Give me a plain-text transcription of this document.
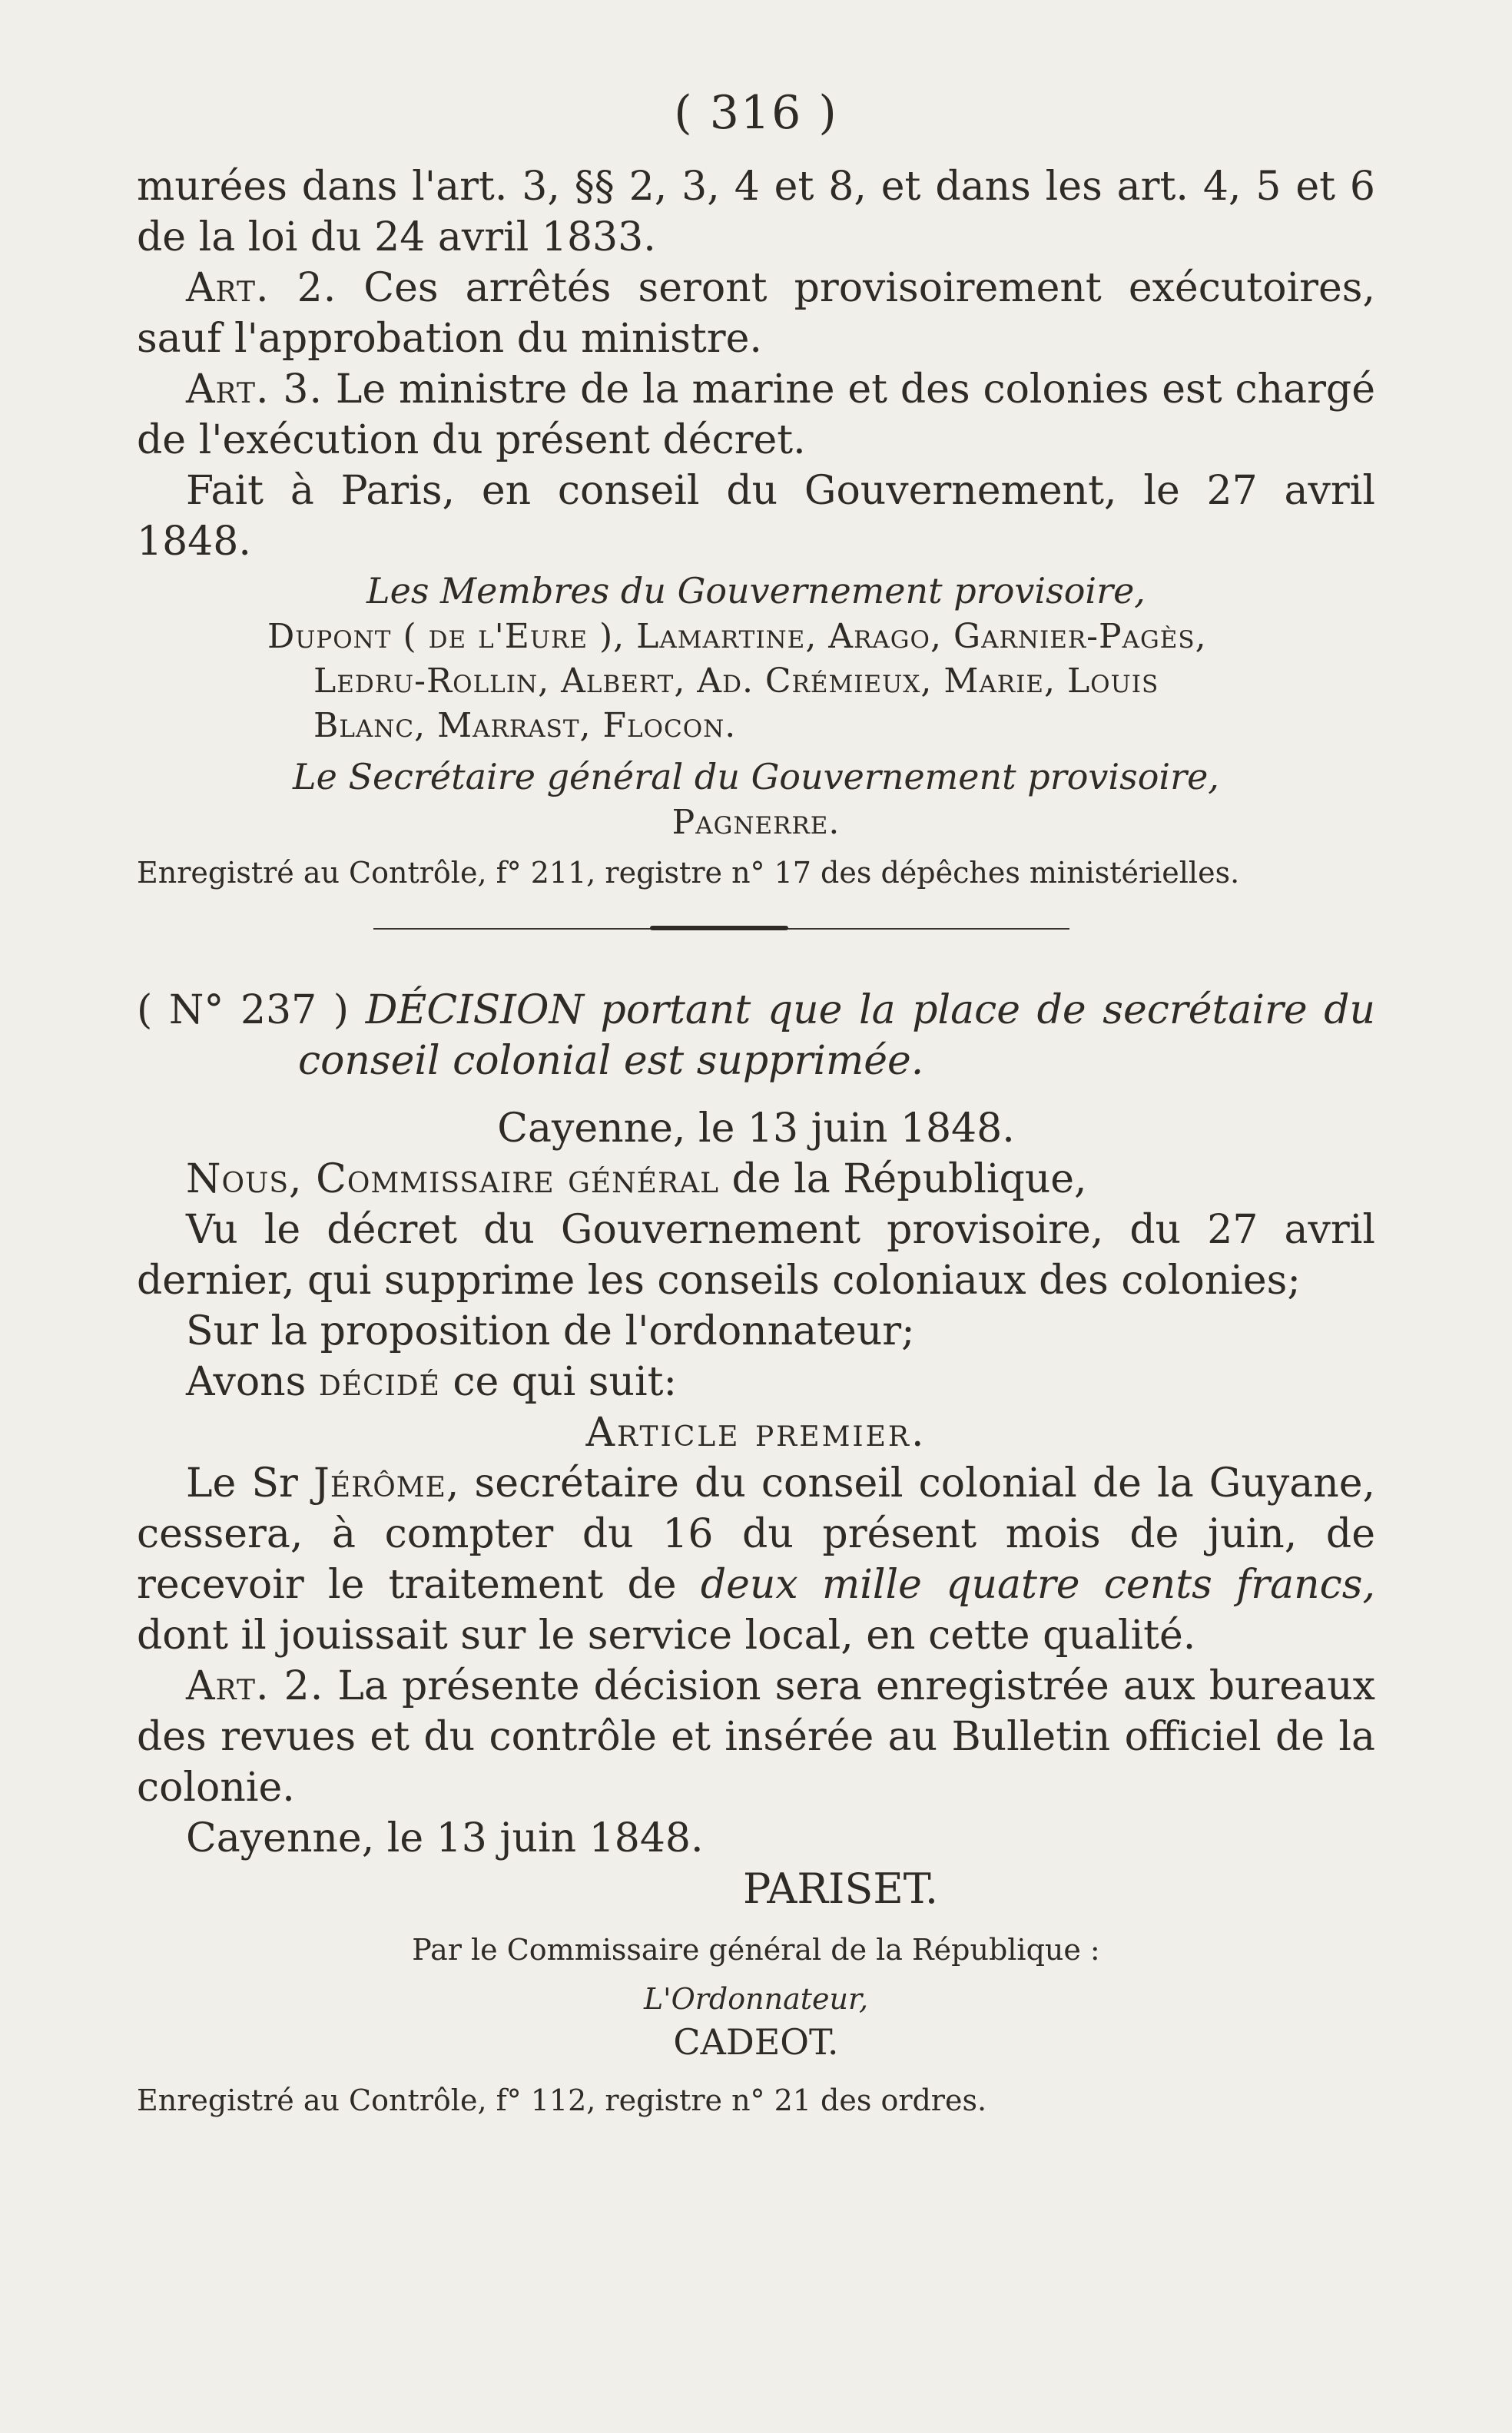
( 316 )

murées dans l'art. 3, §§ 2, 3, 4 et 8, et dans les art. 4, 5 et 6 de la loi du 24 avril 1833.

Art. 2. Ces arrêtés seront provisoirement exécutoires, sauf l'approbation du ministre.

Art. 3. Le ministre de la marine et des colonies est chargé de l'exécution du présent décret.

Fait à Paris, en conseil du Gouvernement, le 27 avril 1848.

Les Membres du Gouvernement provisoire,

Dupont ( de l'Eure ), Lamartine, Arago, Garnier-Pagès,

Ledru-Rollin, Albert, Ad. Crémieux, Marie, Louis

Blanc, Marrast, Flocon.

Le Secrétaire général du Gouvernement provisoire,

Pagnerre.

Enregistré au Contrôle, f° 211, registre n° 17 des dépêches ministérielles.

( N° 237 ) DÉCISION portant que la place de secrétaire du conseil colonial est supprimée.

Cayenne, le 13 juin 1848.

Nous, Commissaire général de la République,

Vu le décret du Gouvernement provisoire, du 27 avril dernier, qui supprime les conseils coloniaux des colonies;

Sur la proposition de l'ordonnateur;

Avons décidé ce qui suit:

Article premier.

Le Sr Jérôme, secrétaire du conseil colonial de la Guyane, cessera, à compter du 16 du présent mois de juin, de recevoir le traitement de deux mille quatre cents francs, dont il jouissait sur le service local, en cette qualité.

Art. 2. La présente décision sera enregistrée aux bureaux des revues et du contrôle et insérée au Bulletin officiel de la colonie.

Cayenne, le 13 juin 1848.

PARISET.

Par le Commissaire général de la République :

L'Ordonnateur,

CADEOT.

Enregistré au Contrôle, f° 112, registre n° 21 des ordres.
